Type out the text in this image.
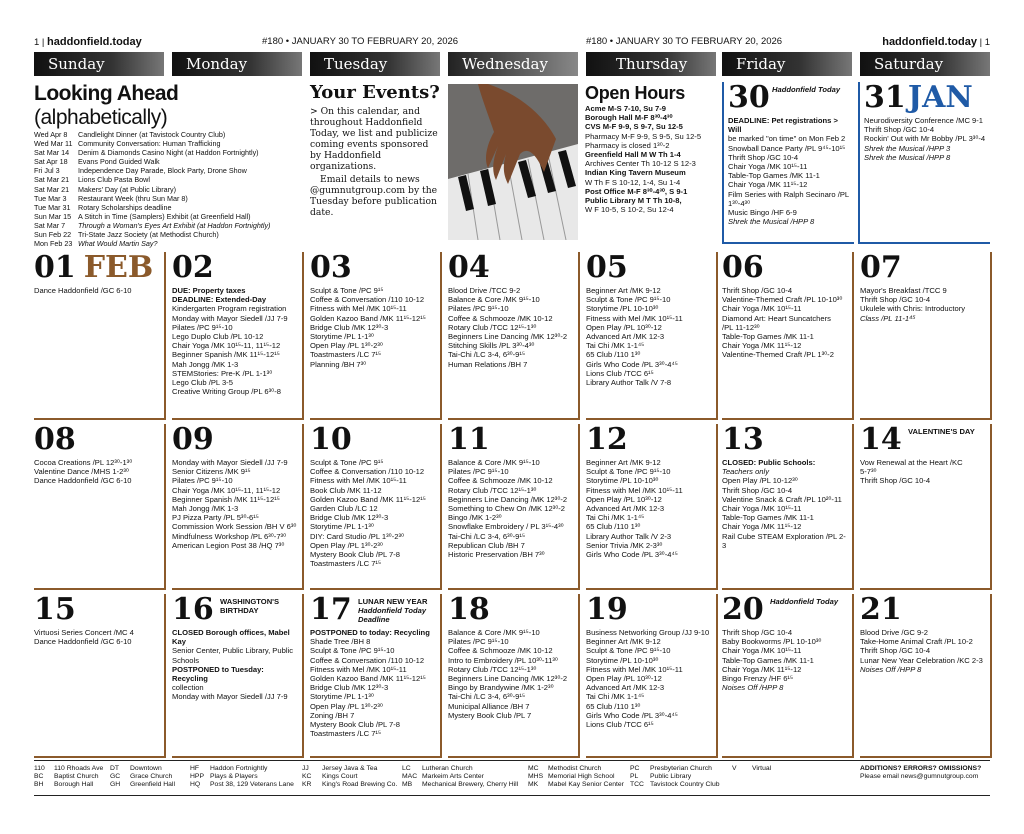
1 | haddonfield.today	#180 • JANUARY 30 TO FEBRUARY 20, 2026	#180 • JANUARY 30 TO FEBRUARY 20, 2026	haddonfield.today | 1
Sunday	Monday	Tuesday	Wednesday	Thursday	Friday	Saturday
Looking Ahead (alphabetically)
Wed Apr 8	Candlelight Dinner (at Tavistock Country Club)
Wed Mar 11 Community Conversation: Human Trafficking
Sat Mar 14	Denim & Diamonds Casino Night (at Haddon Fortnightly)
Sat Apr 18	Evans Pond Guided Walk
Fri Jul 3	Independence Day Parade, Block Party, Drone Show
Sat Mar 21	Lions Club Pasta Bowl
Sat Mar 21	Makers' Day (at Public Library)
Tue Mar 3	Restaurant Week (thru Sun Mar 8)
Tue Mar 31	Rotary Scholarships deadline
Sun Mar 15 A Stitch in Time (Samplers) Exhibit (at Greenfield Hall)
Sat Mar 7	Through a Woman's Eyes Art Exhibit (at Haddon Fortnightly)
Sun Feb 22 Tri-State Jazz Society (at Methodist Church)
Mon Feb 23 What Would Martin Say?
Your Events?

> On this calendar, and throughout Haddonfield Today, we list and publicize coming events sponsored by Haddonfield organizations.

Email details to news @gumnutgroup.com by the Tuesday before publication date.

Open Hours
Acme M-S 7-10, Su 7-9
Borough Hall M-F 8³⁰-4³⁰
CVS M-F 9-9, S 9-7, Su 12-5
Pharmacy M-F 9-9, S 9-5, Su 12-5
Pharmacy is closed 1³⁰-2
Greenfield Hall M W Th 1-4
Archives Center Th 10-12 S 12-3
Indian King Tavern Museum
W Th F S 10-12, 1-4, Su 1-4
Post Office M-F 8³⁰-4³⁰, S 9-1
Public Library M T Th 10-8,
W F 10-5, S 10-2, Su 12-4
30 Haddonfield Today
DEADLINE: Pet registrations > Will
be marked "on time" on Mon Feb 2
Snowball Dance Party /PL 9⁴⁵-10¹⁵
Thrift Shop /GC 10-4
Chair Yoga /MK 10¹⁵-11
Table-Top Games /MK 11-1
Chair Yoga /MK 11¹⁵-12
Film Series with Ralph Secinaro /PL
1³⁰-4³⁰
Music Bingo /HF 6-9
Shrek the Musical /HPP 8
31 JAN
Neurodiversity Conference /MC 9-1
Thrift Shop /GC 10-4
Rockin' Out with Mr Bobby /PL 3³⁰-4
Shrek the Musical /HPP 3
Shrek the Musical /HPP 8
01 FEB
Dance Haddonfield /GC 6-10
02
DUE: Property taxes
DEADLINE: Extended-Day
Kindergarten Program registration
Monday with Mayor Siedell /JJ 7-9
Pilates /PC 9¹⁵-10
Lego Duplo Club /PL 10-12
Chair Yoga /MK 10¹⁵-11, 11¹⁵-12
Beginner Spanish /MK 11¹⁵-12¹⁵
Mah Jongg /MK 1-3
STEMStories: Pre-K /PL 1-1³⁰
Lego Club /PL 3-5
Creative Writing Group /PL 6³⁰-8
03
Sculpt & Tone /PC 9¹⁵
Coffee & Conversation /110 10-12
Fitness with Mel /MK 10¹⁵-11
Golden Kazoo Band /MK 11¹⁵-12¹⁵
Bridge Club /MK 12³⁰-3
Storytime /PL 1-1³⁰
Open Play /PL 1³⁰-2³⁰
Toastmasters /LC 7¹⁵
Planning /BH 7³⁰
04
Blood Drive /TCC 9-2
Balance & Core /MK 9¹⁵-10
Pilates /PC 9¹⁵-10
Coffee & Schmooze /MK 10-12
Rotary Club /TCC 12¹⁵-1³⁰
Beginners Line Dancing /MK 12³⁰-2
Stitching Skills /PL 3³⁰-4³⁰
Tai-Chi /LC 3-4, 6³⁰-9¹⁵
Human Relations /BH 7
05
Beginner Art /MK 9-12
Sculpt & Tone /PC 9¹⁵-10
Storytime /PL 10-10³⁰
Fitness with Mel /MK 10¹⁵-11
Open Play /PL 10³⁰-12
Advanced Art /MK 12-3
Tai Chi /MK 1-1⁴⁵
65 Club /110 1³⁰
Girls Who Code /PL 3³⁰-4⁴⁵
Lions Club /TCC 6¹⁵
Library Author Talk /V 7-8
06
Thrift Shop /GC 10-4
Valentine-Themed Craft /PL 10-10³⁰
Chair Yoga /MK 10¹⁵-11
Diamond Art: Heart Suncatchers
/PL 11-12³⁰
Table-Top Games /MK 11-1
Chair Yoga /MK 11¹⁵-12
Valentine-Themed Craft /PL 1³⁰-2
07
Mayor's Breakfast /TCC 9
Thrift Shop /GC 10-4
Ukulele with Chris: Introductory
Class /PL 11-1⁴⁵
08
Cocoa Creations /PL 12³⁰-1³⁰
Valentine Dance /MHS 1-2³⁰
Dance Haddonfield /GC 6-10
09
Monday with Mayor Siedell /JJ 7-9
Senior Citizens /MK 9¹⁵
Pilates /PC 9¹⁵-10
Chair Yoga /MK 10¹⁵-11, 11¹⁵-12
Beginner Spanish /MK 11¹⁵-12¹⁵
Mah Jongg /MK 1-3
PJ Pizza Party /PL 5³⁰-6¹⁵
Commission Work Session /BH V 6³⁰
Mindfulness Workshop /PL 6³⁰-7³⁰
American Legion Post 38 /HQ 7³⁰
10
Sculpt & Tone /PC 9¹⁵
Coffee & Conversation /110 10-12
Fitness with Mel /MK 10¹⁵-11
Book Club /MK 11-12
Golden Kazoo Band /MK 11¹⁵-12¹⁵
Garden Club /LC 12
Bridge Club /MK 12³⁰-3
Storytime /PL 1-1³⁰
DIY: Card Studio /PL 1³⁰-2³⁰
Open Play /PL 1³⁰-2³⁰
Mystery Book Club /PL 7-8
Toastmasters /LC 7¹⁵
11
Balance & Core /MK 9¹⁵-10
Pilates /PC 9¹⁵-10
Coffee & Schmooze /MK 10-12
Rotary Club /TCC 12¹⁵-1³⁰
Beginners Line Dancing /MK 12³⁰-2
Something to Chew On /MK 12³⁰-2
Bingo /MK 1-2³⁰
Snowflake Embroidery / PL 3¹⁵-4³⁰
Tai-Chi /LC 3-4, 6³⁰-9¹⁵
Republican Club /BH 7
Historic Preservation /BH 7³⁰
12
Beginner Art /MK 9-12
Sculpt & Tone /PC 9¹⁵-10
Storytime /PL 10-10³⁰
Fitness with Mel /MK 10¹⁵-11
Open Play /PL 10³⁰-12
Advanced Art /MK 12-3
Tai Chi /MK 1-1⁴⁵
65 Club /110 1³⁰
Library Author Talk /V 2-3
Senior Trivia /MK 2-3³⁰
Girls Who Code /PL 3³⁰-4⁴⁵
13
CLOSED: Public Schools:
Teachers only
Open Play /PL 10-12³⁰
Thrift Shop /GC 10-4
Valentine Snack & Craft /PL 10²⁰-11
Chair Yoga /MK 10¹⁵-11
Table-Top Games /MK 11-1
Chair Yoga /MK 11¹⁵-12
Rail Cube STEAM Exploration /PL 2-3
14 VALENTINE'S DAY
Vow Renewal at the Heart /KC
5-7³⁰
Thrift Shop /GC 10-4
15
Virtuosi Series Concert /MC 4
Dance Haddonfield /GC 6-10
16 WASHINGTON'S BIRTHDAY
CLOSED Borough offices, Mabel Kay
Senior Center, Public Library, Public
Schools
POSTPONED to Tuesday: Recycling
collection
Monday with Mayor Siedell /JJ 7-9
17 LUNAR NEW YEAR
Haddonfield Today Deadline
POSTPONED to today: Recycling
Shade Tree /BH 8
Sculpt & Tone /PC 9¹⁵-10
Coffee & Conversation /110 10-12
Fitness with Mel /MK 10¹⁵-11
Golden Kazoo Band /MK 11¹⁵-12¹⁵
Bridge Club /MK 12³⁰-3
Storytime /PL 1-1³⁰
Open Play /PL 1³⁰-2³⁰
Zoning /BH 7
Mystery Book Club /PL 7-8
Toastmasters /LC 7¹⁵
18
Balance & Core /MK 9¹⁵-10
Pilates /PC 9¹⁵-10
Coffee & Schmooze /MK 10-12
Intro to Embroidery /PL 10³⁰-11³⁰
Rotary Club /TCC 12¹⁵-1³⁰
Beginners Line Dancing /MK 12³⁰-2
Bingo by Brandywine /MK 1-2³⁰
Tai-Chi /LC 3-4, 6³⁰-9¹⁵
Municipal Alliance /BH 7
Mystery Book Club /PL 7
19
Business Networking Group /JJ 9-10
Beginner Art /MK 9-12
Sculpt & Tone /PC 9¹⁵-10
Storytime /PL 10-10³⁰
Fitness with Mel /MK 10¹⁵-11
Open Play /PL 10³⁰-12
Advanced Art /MK 12-3
Tai Chi /MK 1-1⁴⁵
65 Club /110 1³⁰
Girls Who Code /PL 3³⁰-4⁴⁵
Lions Club /TCC 6¹⁵
20 Haddonfield Today
Thrift Shop /GC 10-4
Baby Bookworms /PL 10-10³⁰
Chair Yoga /MK 10¹⁵-11
Table-Top Games /MK 11-1
Chair Yoga /MK 11¹⁵-12
Bingo Frenzy /HF 6¹⁵
Noises Off /HPP 8
21
Blood Drive /GC 9-2
Take-Home Animal Craft /PL 10-2
Thrift Shop /GC 10-4
Lunar New Year Celebration /KC 2-3
Noises Off /HPP 8
110	110 Rhoads Ave
BC	Baptist Church
BH	Borough Hall
DT	Downtown
GC	Grace Church
GH	Greenfield Hall
HF	Haddon Fortnightly
HPP Plays & Players
HQ	Post 38, 129 Veterans Lane
JJ	Jersey Java & Tea
KC	Kings Court
KR	King's Road Brewing Co.
LC	Lutheran Church
MAC Markeim Arts Center
MB	Mechanical Brewery, Cherry Hill
MC	Methodist Church
MHS Memorial High School
MK	Mabel Kay Senior Center
PC	Presbyterian Church
PL	Public Library
TCC Tavistock Country Club
V	Virtual	ADDITIONS? ERRORS? OMISSIONS?
Please email news@gumnutgroup.com
